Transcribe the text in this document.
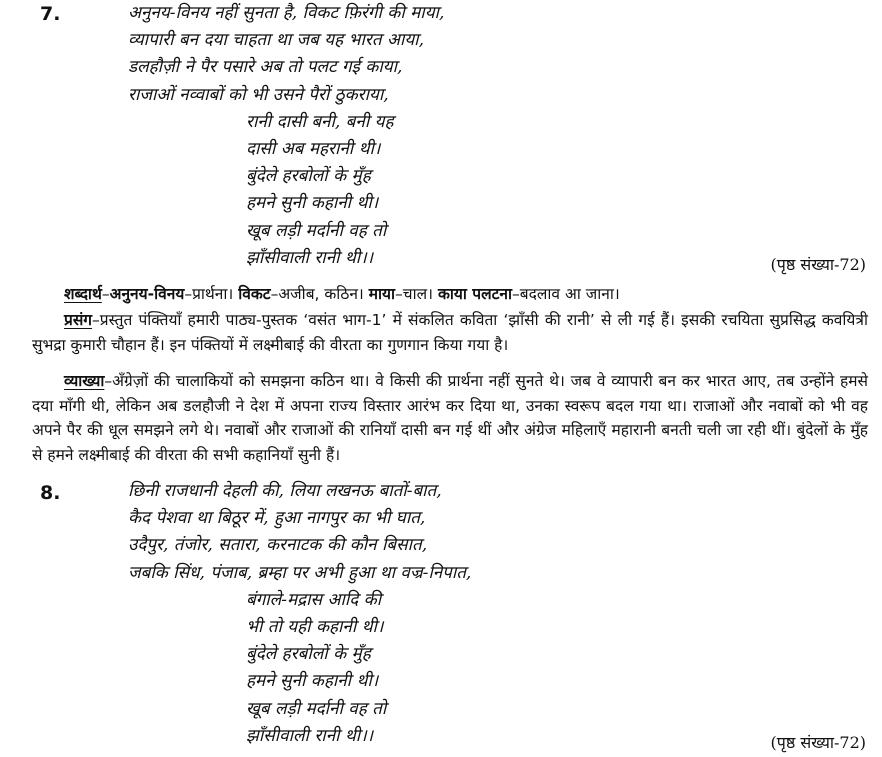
7.	अनुनय-विनय नहीं सुनता है, विकट फ़िरंगी की माया,
व्यापारी बन दया चाहता था जब यह भारत आया,
डलहौज़ी ने पैर पसारे अब तो पलट गई काया,
राजाओं नव्वाबों को भी उसने पैरों ठुकराया,
रानी दासी बनी, बनी यह
दासी अब महरानी थी।
बुंदेले हरबोलों के मुँह
हमने सुनी कहानी थी।
खूब लड़ी मर्दानी वह तो
झाँसीवाली रानी थी।।	(पृष्ठ संख्या-72)
शब्दार्थ–अनुनय-विनय–प्रार्थना। विकट–अजीब, कठिन। माया–चाल। काया पलटना–बदलाव आ जाना।
प्रसंग–प्रस्तुत पंक्तियाँ हमारी पाठ्य-पुस्तक ‘वसंत भाग-1’ में संकलित कविता ‘झाँसी की रानी’ से ली गई हैं। इसकी रचयिता सुप्रसिद्ध कवयित्री सुभद्रा कुमारी चौहान हैं। इन पंक्तियों में लक्ष्मीबाई की वीरता का गुणगान किया गया है।
व्याख्या–अँग्रेज़ों की चालाकियों को समझना कठिन था। वे किसी की प्रार्थना नहीं सुनते थे। जब वे व्यापारी बन कर भारत आए, तब उन्होंने हमसे दया माँगी थी, लेकिन अब डलहौजी ने देश में अपना राज्य विस्तार आरंभ कर दिया था, उनका स्वरूप बदल गया था। राजाओं और नवाबों को भी वह अपने पैर की धूल समझने लगे थे। नवाबों और राजाओं की रानियाँ दासी बन गई थीं और अंग्रेज महिलाएँ महारानी बनती चली जा रही थीं। बुंदेलों के मुँह से हमने लक्ष्मीबाई की वीरता की सभी कहानियाँ सुनी हैं।
8.	छिनी राजधानी देहली की, लिया लखनऊ बातों-बात,
कैद पेशवा था बिठूर में, हुआ नागपुर का भी घात,
उदैपुर, तंजोर, सतारा, करनाटक की कौन बिसात,
जबकि सिंध, पंजाब, ब्रम्हा पर अभी हुआ था वज्र-निपात,
बंगाले-मद्रास आदि की
भी तो यही कहानी थी।
बुंदेले हरबोलों के मुँह
हमने सुनी कहानी थी।
खूब लड़ी मर्दानी वह तो
झाँसीवाली रानी थी।।	(पृष्ठ संख्या-72)
